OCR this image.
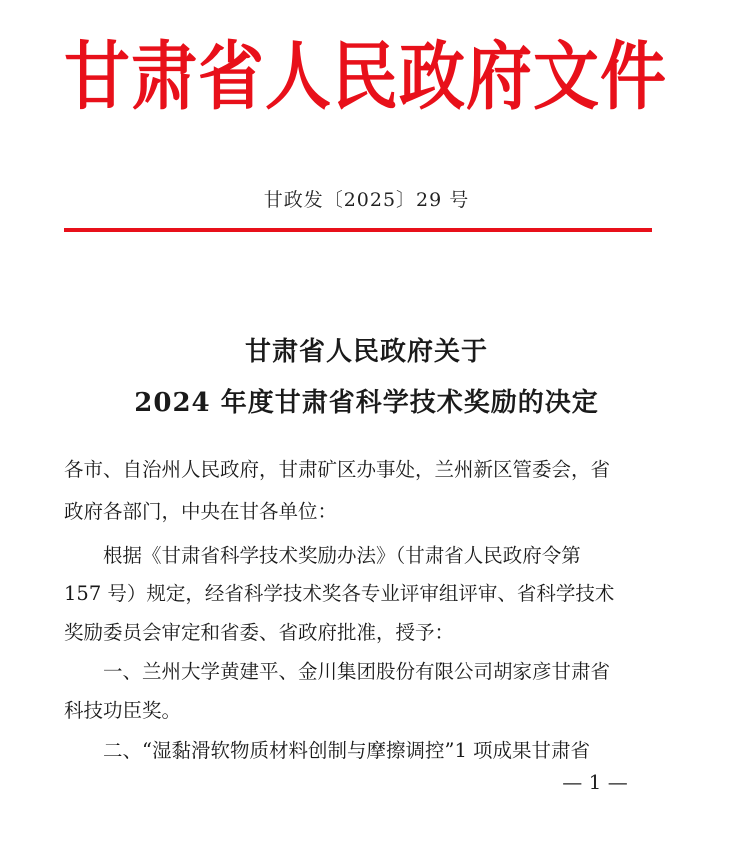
甘肃省人民政府文件
甘政发〔2025〕29 号
甘肃省人民政府关于
2024 年度甘肃省科学技术奖励的决定
各市、自治州人民政府，甘肃矿区办事处，兰州新区管委会，省
政府各部门，中央在甘各单位：
　　根据《甘肃省科学技术奖励办法》（甘肃省人民政府令第
157 号）规定，经省科学技术奖各专业评审组评审、省科学技术
奖励委员会审定和省委、省政府批准，授予：
　　一、兰州大学黄建平、金川集团股份有限公司胡家彦甘肃省
科技功臣奖。
　　二、“湿黏滑软物质材料创制与摩擦调控”1 项成果甘肃省
— 1 —
